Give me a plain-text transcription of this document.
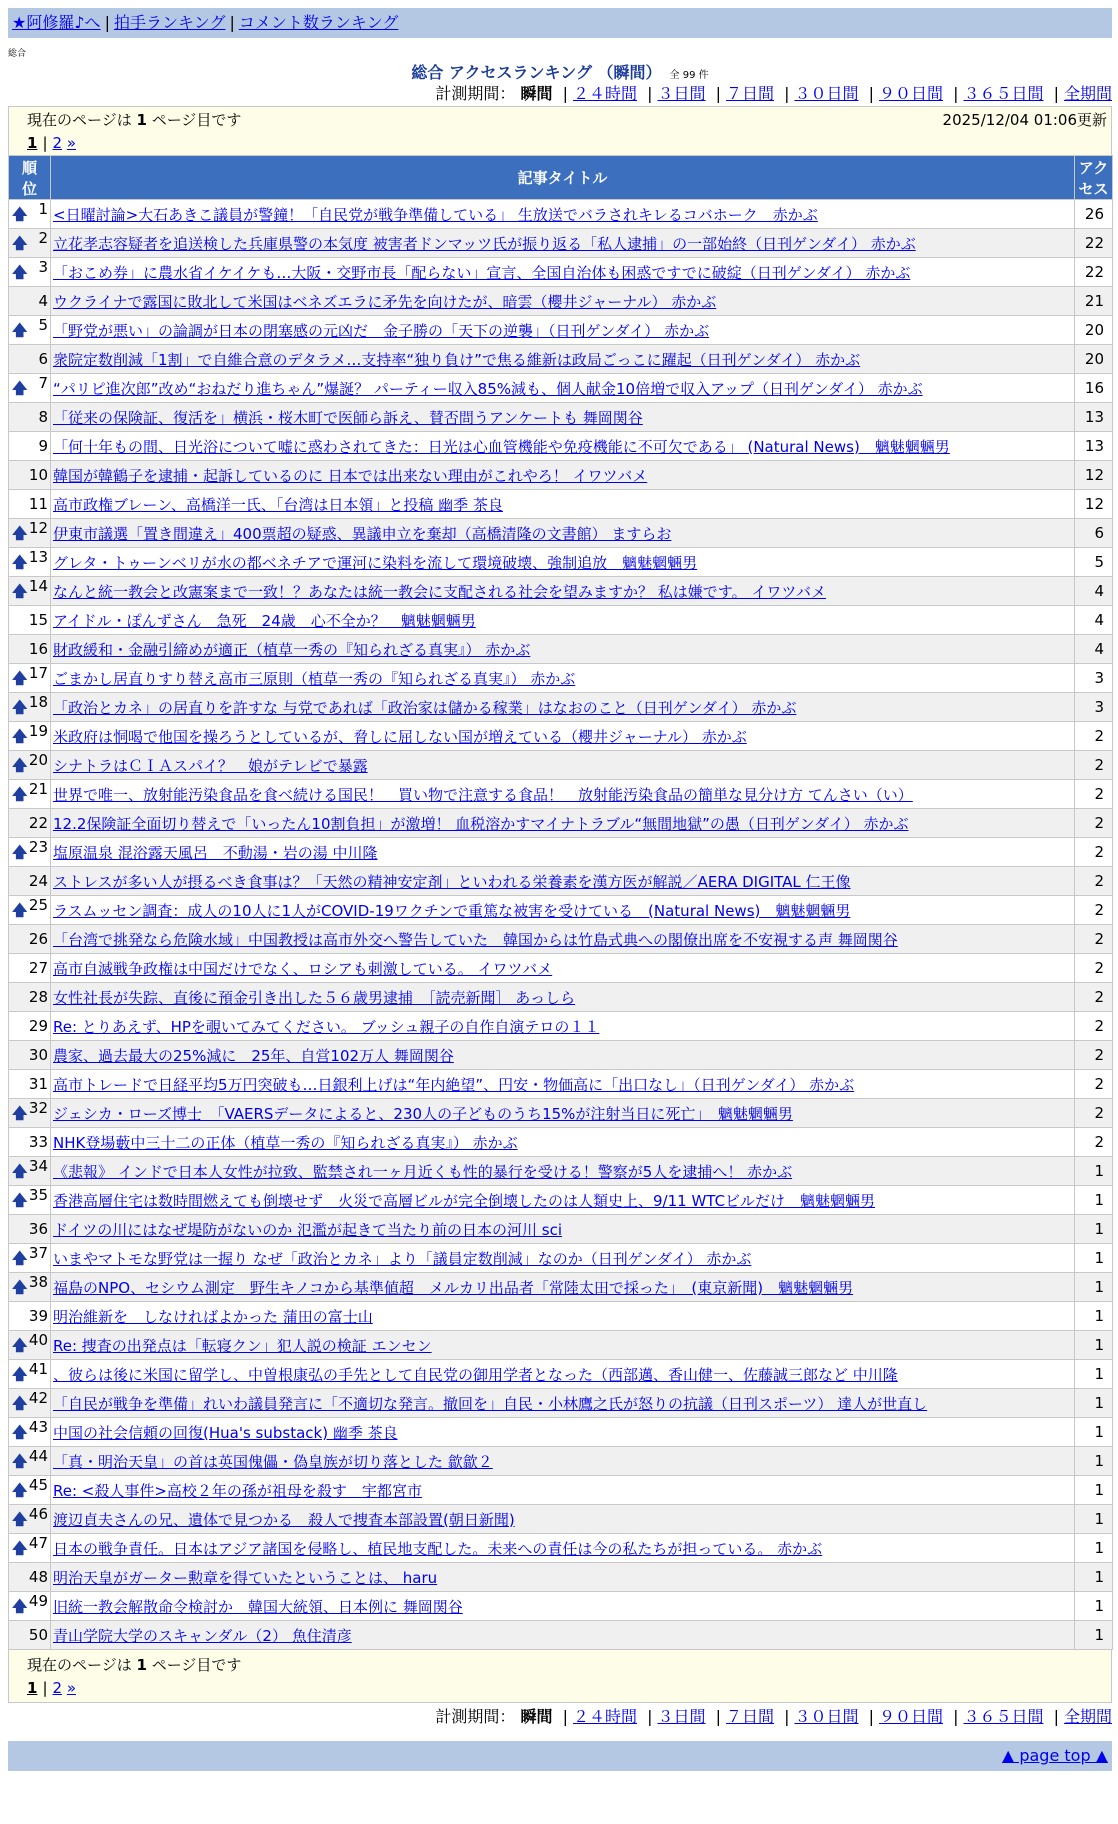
★阿修羅♪へ | 拍手ランキング | コメント数ランキング
総合
総合 アクセスランキング （瞬間） 全 99 件
計測期間： 瞬間 | ２４時間 | ３日間 | ７日間 | ３０日間 | ９０日間 | ３６５日間 | 全期間
現在のページは 1 ページ目です	2025/12/04 01:06更新
1 | 2 »
順位	記事タイトル	アクセス

🡅 1	<日曜討論>大石あきこ議員が警鐘！「自民党が戦争準備している」 生放送でバラされキレるコバホーク　赤かぶ	26

🡅 2	立花孝志容疑者を追送検した兵庫県警の本気度 被害者ドンマッツ氏が振り返る「私人逮捕」の一部始終（日刊ゲンダイ） 赤かぶ	22

🡅 3	「おこめ券」に農水省イケイケも…大阪・交野市長「配らない」宣言、全国自治体も困惑ですでに破綻（日刊ゲンダイ） 赤かぶ	22
4	ウクライナで露国に敗北して米国はベネズエラに矛先を向けたが、暗雲（櫻井ジャーナル） 赤かぶ	21

🡅 5	「野党が悪い」の論調が日本の閉塞感の元凶だ　金子勝の「天下の逆襲」（日刊ゲンダイ） 赤かぶ	20
6	衆院定数削減「1割」で自維合意のデタラメ…支持率“独り負け”で焦る維新は政局ごっこに躍起（日刊ゲンダイ） 赤かぶ	20

🡅 7	“パリピ進次郎”改め“おねだり進ちゃん”爆誕？ パーティー収入85%減も、個人献金10倍増で収入アップ（日刊ゲンダイ） 赤かぶ	16
8	「従来の保険証、復活を」横浜・桜木町で医師ら訴え、賛否問うアンケートも 舞岡関谷	13
9	「何十年もの間、日光浴について嘘に惑わされてきた：日光は心血管機能や免疫機能に不可欠である」 (Natural News)　魑魅魍魎男	13
10	韓国が韓鶴子を逮捕・起訴しているのに 日本では出来ない理由がこれやろ！ イワツバメ	12
11	高市政権ブレーン、高橋洋一氏、「台湾は日本領」と投稿 幽季 茶良	12

🡅 12	伊東市議選「置き間違え」400票超の疑惑、異議申立を棄却（高橋清隆の文書館） ますらお	6

🡅 13	グレタ・トゥーンベリが水の都ベネチアで運河に染料を流して環境破壊、強制追放　魑魅魍魎男	5

🡅 14	なんと統一教会と改憲案まで一致！？あなたは統一教会に支配される社会を望みますか？ 私は嫌です。 イワツバメ	4
15	アイドル・ぽんずさん　急死　24歳　心不全か？　魑魅魍魎男	4
16	財政緩和・金融引締めが適正（植草一秀の『知られざる真実』） 赤かぶ	4

🡅 17	ごまかし居直りすり替え高市三原則（植草一秀の『知られざる真実』） 赤かぶ	3

🡅 18	「政治とカネ」の居直りを許すな 与党であれば「政治家は儲かる稼業」はなおのこと（日刊ゲンダイ） 赤かぶ	3

🡅 19	米政府は恫喝で他国を操ろうとしているが、脅しに屈しない国が増えている（櫻井ジャーナル） 赤かぶ	2

🡅 20	シナトラはＣＩＡスパイ？　娘がテレビで暴露	2

🡅 21	世界で唯一、放射能汚染食品を食べ続ける国民！　買い物で注意する食品！　放射能汚染食品の簡単な見分け方 てんさい（い）	2
22	12.2保険証全面切り替えで「いったん10割負担」が激増！ 血税溶かすマイナトラブル“無間地獄”の愚（日刊ゲンダイ） 赤かぶ	2

🡅 23	塩原温泉 混浴露天風呂　不動湯・岩の湯 中川隆	2
24	ストレスが多い人が摂るべき食事は？「天然の精神安定剤」といわれる栄養素を漢方医が解説／AERA DIGITAL 仁王像	2

🡅 25	ラスムッセン調査：成人の10人に1人がCOVID-19ワクチンで重篤な被害を受けている　(Natural News)　魑魅魍魎男	2
26	「台湾で挑発なら危険水域」中国教授は高市外交へ警告していた　韓国からは竹島式典への閣僚出席を不安視する声 舞岡関谷	2
27	高市自滅戦争政権は中国だけでなく、ロシアも刺激している。 イワツバメ	2
28	女性社長が失踪、直後に預金引き出した５６歳男逮捕　［読売新聞］ あっしら	2
29	Re: とりあえず、HPを覗いてみてください。 ブッシュ親子の自作自演テロの１１	2
30	農家、過去最大の25%減に　25年、自営102万人 舞岡関谷	2
31	高市トレードで日経平均5万円突破も…日銀利上げは“年内絶望”、円安・物価高に「出口なし」（日刊ゲンダイ） 赤かぶ	2

🡅 32	ジェシカ・ローズ博士　「VAERSデータによると、230人の子どものうち15%が注射当日に死亡」　魑魅魍魎男	2
33	NHK登場藪中三十二の正体（植草一秀の『知られざる真実』） 赤かぶ	2

🡅 34	《悲報》 インドで日本人女性が拉致、監禁され一ヶ月近くも性的暴行を受ける！警察が5人を逮捕へ！ 赤かぶ	1

🡅 35	香港高層住宅は数時間燃えても倒壊せず　火災で高層ビルが完全倒壊したのは人類史上、9/11 WTCビルだけ　魑魅魍魎男	1
36	ドイツの川にはなぜ堤防がないのか 氾濫が起きて当たり前の日本の河川 sci	1

🡅 37	いまやマトモな野党は一握り なぜ「政治とカネ」より「議員定数削減」なのか（日刊ゲンダイ） 赤かぶ	1

🡅 38	福島のNPO、セシウム測定　野生キノコから基準値超　メルカリ出品者「常陸太田で採った」　(東京新聞)　魑魅魍魎男	1
39	明治維新を　しなければよかった 蒲田の富士山	1

🡅 40	Re: 捜査の出発点は「転寝クン」犯人説の検証 エンセン	1

🡅 41	、彼らは後に米国に留学し、中曽根康弘の手先として自民党の御用学者となった（西部邁、香山健一、佐藤誠三郎など 中川隆	1

🡅 42	「自民が戦争を準備」れいわ議員発言に「不適切な発言。撤回を」自民・小林鷹之氏が怒りの抗議（日刊スポーツ） 達人が世直し	1

🡅 43	中国の社会信頼の回復(Hua's substack) 幽季 茶良	1

🡅 44	「真・明治天皇」の首は英国傀儡・偽皇族が切り落とした 歙歙２	1

🡅 45	Re: <殺人事件>高校２年の孫が祖母を殺す　宇都宮市	1

🡅 46	渡辺貞夫さんの兄、遺体で見つかる　殺人で捜査本部設置(朝日新聞)	1

🡅 47	日本の戦争責任。日本はアジア諸国を侵略し、植民地支配した。未来への責任は今の私たちが担っている。 赤かぶ	1
48	明治天皇がガーター勲章を得ていたということは、 haru	1

🡅 49	旧統一教会解散命令検討か　韓国大統領、日本例に 舞岡関谷	1
50	青山学院大学のスキャンダル（2） 魚住清彦	1
現在のページは 1 ページ目です
1 | 2 »
計測期間： 瞬間 | ２４時間 | ３日間 | ７日間 | ３０日間 | ９０日間 | ３６５日間 | 全期間
▲ page top ▲
